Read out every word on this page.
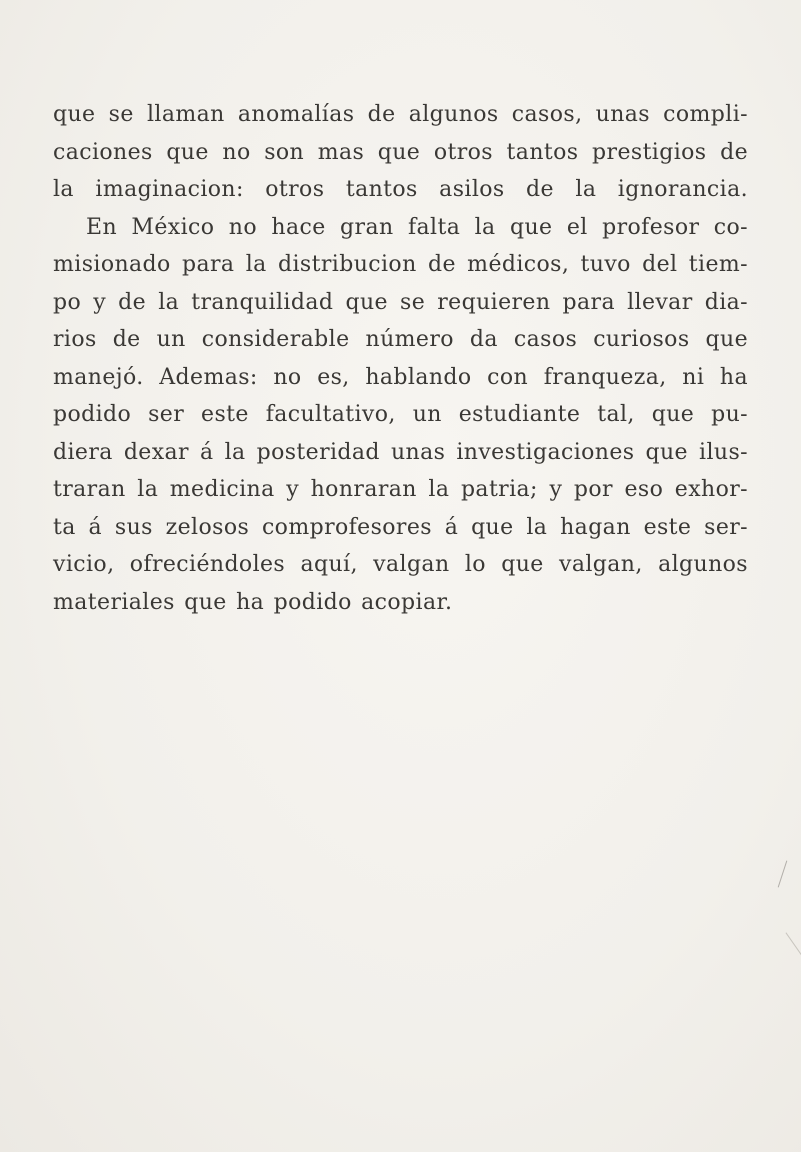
que se llaman anomalías de algunos casos, unas compli-
caciones que no son mas que otros tantos prestigios de
la imaginacion: otros tantos asilos de la ignorancia.
En México no hace gran falta la que el profesor co-
misionado para la distribucion de médicos, tuvo del tiem-
po y de la tranquilidad que se requieren para llevar dia-
rios de un considerable número da casos curiosos que
manejó. Ademas: no es, hablando con franqueza, ni ha
podido ser este facultativo, un estudiante tal, que pu-
diera dexar á la posteridad unas investigaciones que ilus-
traran la medicina y honraran la patria; y por eso exhor-
ta á sus zelosos comprofesores á que la hagan este ser-
vicio, ofreciéndoles aquí, valgan lo que valgan, algunos
materiales que ha podido acopiar.
